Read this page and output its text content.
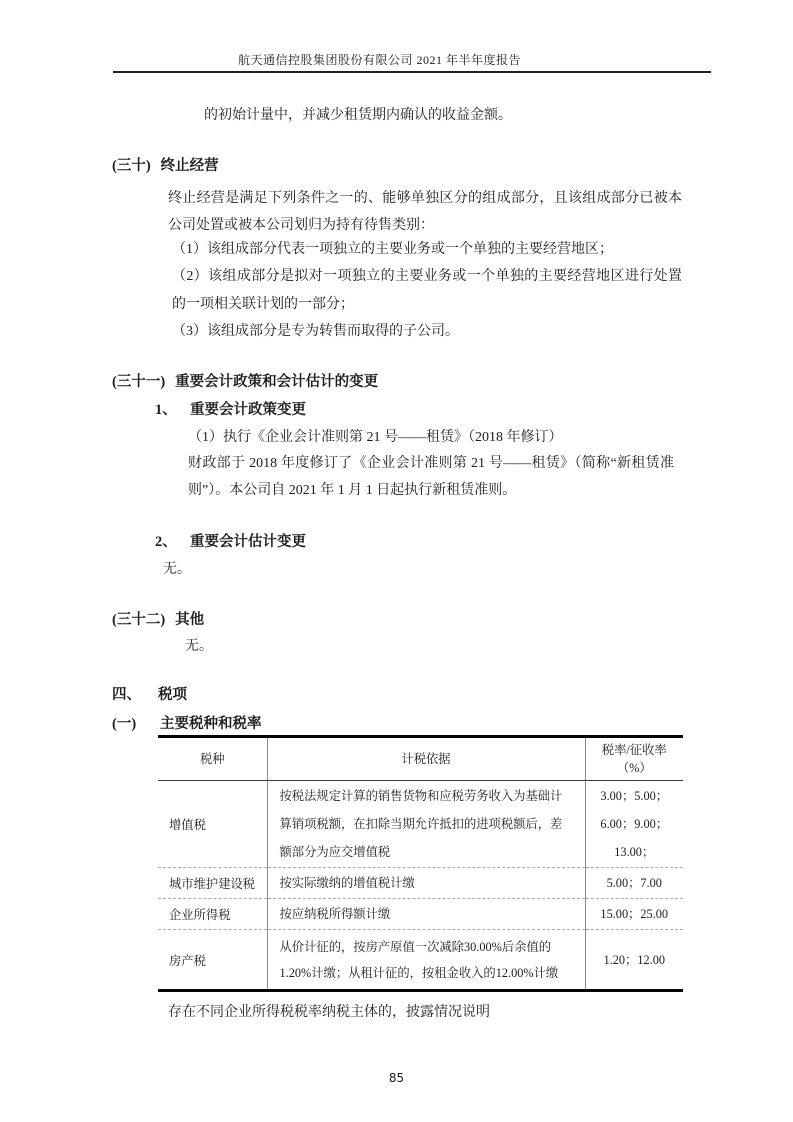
航天通信控股集团股份有限公司 2021 年半年度报告
的初始计量中，并减少租赁期内确认的收益金额。
(三十) 终止经营
终止经营是满足下列条件之一的、能够单独区分的组成部分，且该组成部分已被本公司处置或被本公司划归为持有待售类别：
（1）该组成部分代表一项独立的主要业务或一个单独的主要经营地区；
（2）该组成部分是拟对一项独立的主要业务或一个单独的主要经营地区进行处置的一项相关联计划的一部分；
（3）该组成部分是专为转售而取得的子公司。
(三十一) 重要会计政策和会计估计的变更
1、 重要会计政策变更
（1）执行《企业会计准则第 21 号——租赁》（2018 年修订）
财政部于 2018 年度修订了《企业会计准则第 21 号——租赁》（简称“新租赁准则”）。本公司自 2021 年 1 月 1 日起执行新租赁准则。
2、 重要会计估计变更
无。
(三十二) 其他
无。
四、 税项
(一) 主要税种和税率
税种	计税依据	税率/征收率
（%）

增值税	按税法规定计算的销售货物和应税劳务收入为基础计算销项税额，在扣除当期允许抵扣的进项税额后，差额部分为应交增值税	3.00；5.00；6.00；9.00；13.00；
城市维护建设税	按实际缴纳的增值税计缴	5.00；7.00
企业所得税	按应纳税所得额计缴	15.00；25.00
房产税	从价计征的，按房产原值一次减除30.00%后余值的1.20%计缴；从租计征的，按租金收入的12.00%计缴	1.20；12.00
存在不同企业所得税税率纳税主体的，披露情况说明
85
